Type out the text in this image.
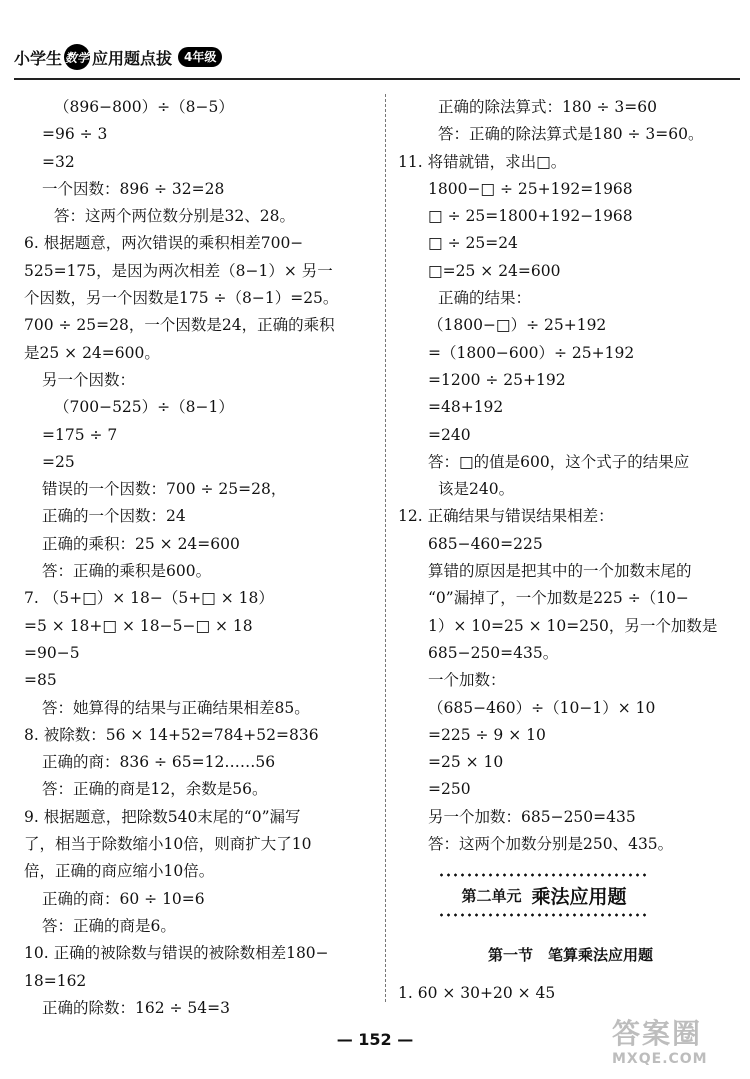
小学生 数学 应用题点拔	4年级
（896−800）÷（8−5）
=96 ÷ 3
=32
一个因数：896 ÷ 32=28
答：这两个两位数分别是32、28。
6. 根据题意，两次错误的乘积相差700−
525=175，是因为两次相差（8−1）× 另一
个因数，另一个因数是175 ÷（8−1）=25。
700 ÷ 25=28，一个因数是24，正确的乘积
是25 × 24=600。
另一个因数：
（700−525）÷（8−1）
=175 ÷ 7
=25
错误的一个因数：700 ÷ 25=28，
正确的一个因数：24
正确的乘积：25 × 24=600
答：正确的乘积是600。
7. （5+□）× 18−（5+□ × 18）
=5 × 18+□ × 18−5−□ × 18
=90−5
=85
答：她算得的结果与正确结果相差85。
8. 被除数：56 × 14+52=784+52=836
正确的商：836 ÷ 65=12……56
答：正确的商是12，余数是56。
9. 根据题意，把除数540末尾的“0”漏写
了，相当于除数缩小10倍，则商扩大了10
倍，正确的商应缩小10倍。
正确的商：60 ÷ 10=6
答：正确的商是6。
10. 正确的被除数与错误的被除数相差180−
18=162
正确的除数：162 ÷ 54=3
正确的除法算式：180 ÷ 3=60
答：正确的除法算式是180 ÷ 3=60。
11. 将错就错，求出□。
1800−□ ÷ 25+192=1968
□ ÷ 25=1800+192−1968
□ ÷ 25=24
□=25 × 24=600
正确的结果：
（1800−□）÷ 25+192
=（1800−600）÷ 25+192
=1200 ÷ 25+192
=48+192
=240
答：□的值是600，这个式子的结果应
该是240。
12. 正确结果与错误结果相差：
685−460=225
算错的原因是把其中的一个加数末尾的
“0”漏掉了，一个加数是225 ÷（10−
1）× 10=25 × 10=250，另一个加数是
685−250=435。
一个加数：
（685−460）÷（10−1）× 10
=225 ÷ 9 × 10
=25 × 10
=250
另一个加数：685−250=435
答：这两个加数分别是250、435。
第二单元 乘法应用题
第一节　笔算乘法应用题
1. 60 × 30+20 × 45
— 152 —	答案圈
MXQE.COM
